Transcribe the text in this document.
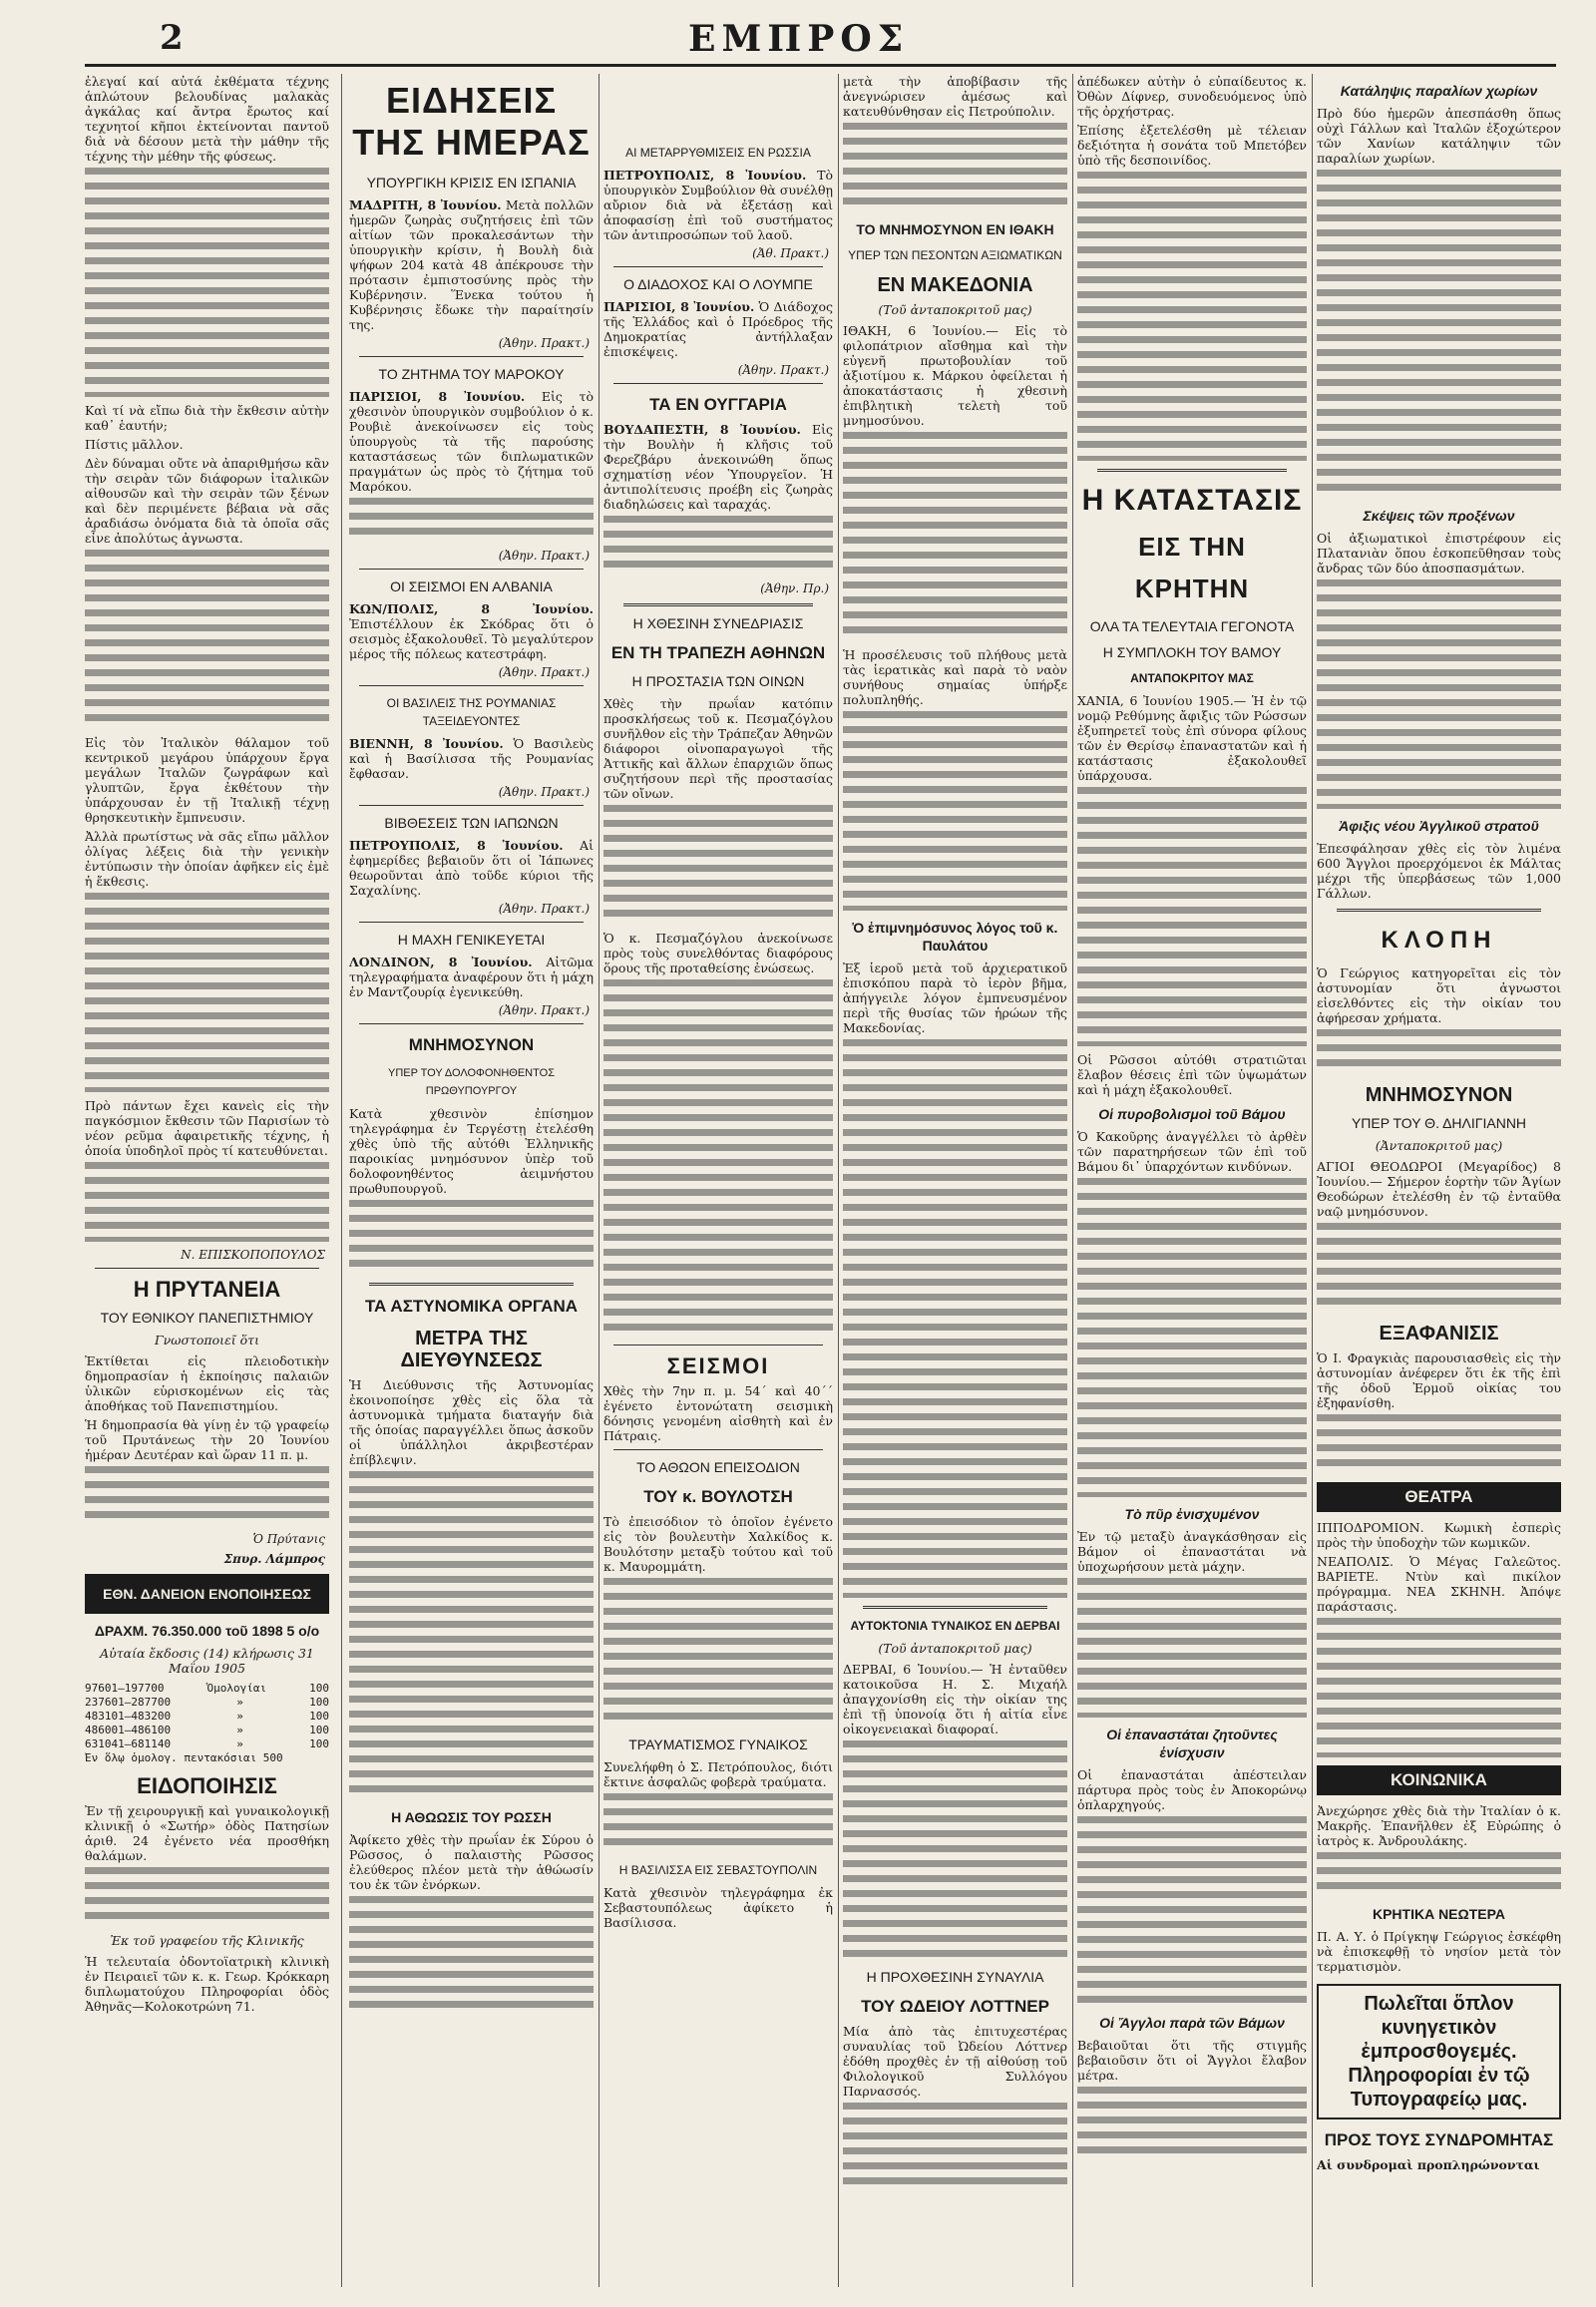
2	ΕΜΠΡΟΣ

ἐλεγαί καί αὐτά ἐκθέματα τέχνης ἁπλώτουν βελουδίνας μαλακὰς ἀγκάλας καί ἄντρα ἔρωτος καί τεχνητοί κῆποι ἐκτείνονται παντοῦ διὰ νὰ δέσουν μετὰ τὴν μάθην τῆς τέχνης τὴν μέθην τῆς φύσεως.

Καὶ τί νὰ εἴπω διὰ τὴν ἔκθεσιν αὐτὴν καθ᾽ ἑαυτήν;

Πίστις μᾶλλον.

Δὲν δύναμαι οὔτε νὰ ἀπαριθμήσω κἂν τὴν σειρὰν τῶν διάφορων ἰταλικῶν αἰθουσῶν καὶ τὴν σειρὰν τῶν ξένων καὶ δὲν περιμένετε βέβαια νὰ σᾶς ἀραδιάσω ὀνόματα διὰ τὰ ὁποῖα σᾶς εἶνε ἀπολύτως ἀγνωστα.

Εἰς τὸν Ἰταλικὸν θάλαμον τοῦ κεντρικοῦ μεγάρου ὑπάρχουν ἔργα μεγάλων Ἰταλῶν ζωγράφων καὶ γλυπτῶν, ἔργα ἐκθέτουν τὴν ὑπάρχουσαν ἐν τῇ Ἰταλικῇ τέχνῃ θρησκευτικὴν ἔμπνευσιν.

Ἀλλὰ πρωτίστως νὰ σᾶς εἴπω μᾶλλον ὀλίγας λέξεις διὰ τὴν γενικὴν ἐντύπωσιν τὴν ὁποίαν ἀφῆκεν εἰς ἐμὲ ἡ ἔκθεσις.

Πρὸ πάντων ἔχει κανεὶς εἰς τὴν παγκόσμιον ἔκθεσιν τῶν Παρισίων τὸ νέον ρεῦμα ἀφαιρετικῆς τέχνης, ἡ ὁποία ὑποδηλοῖ πρὸς τί κατευθύνεται.

Ν. ΕΠΙΣΚΟΠΟΠΟΥΛΟΣ
Η ΠΡΥΤΑΝΕΙΑ
ΤΟΥ ΕΘΝΙΚΟΥ ΠΑΝΕΠΙΣΤΗΜΙΟΥ
Γνωστοποιεῖ ὅτι

Ἐκτίθεται εἰς πλειοδοτικὴν δημοπρασίαν ἡ ἐκποίησις παλαιῶν ὑλικῶν εὑρισκομένων εἰς τὰς ἀποθήκας τοῦ Πανεπιστημίου.

Ἡ δημοπρασία θὰ γίνῃ ἐν τῷ γραφείῳ τοῦ Πρυτάνεως τὴν 20 Ἰουνίου ἡμέραν Δευτέραν καὶ ὥραν 11 π. μ.

Ὁ Πρύτανις
Σπυρ. Λάμπρος
ΕΘΝ. ΔΑΝΕΙΟΝ ΕΝΟΠΟΙΗΣΕΩΣ
ΔΡΑΧΜ. 76.350.000 τοῦ 1898 5 ο/ο
Αὐταία ἔκδοσις (14) κλήρωσις 31 Μαΐου 1905
97601—197700	Ὁμολογίαι	100
237601—287700	»	100
483101—483200	»	100
486001—486100	»	100
631041—681140	»	100
Ἐν ὅλῳ ὁμολογ. πεντακόσιαι 500
ΕΙΔΟΠΟΙΗΣΙΣ

Ἐν τῇ χειρουργικῇ καὶ γυναικολογικῇ κλινικῇ ὁ «Σωτήρ» ὁδὸς Πατησίων ἀριθ. 24 ἐγένετο νέα προσθήκη θαλάμων.

Ἐκ τοῦ γραφείου τῆς Κλινικῆς

Ἡ τελευταία ὀδοντοϊατρικὴ κλινικὴ ἐν Πειραιεῖ τῶν κ. κ. Γεωρ. Κρόκκαρη διπλωματούχου Πληροφορίαι ὁδὸς Ἀθηνᾶς—Κολοκοτρώνη 71.

ΕΙΔΗΣΕΙΣ ΤΗΣ ΗΜΕΡΑΣ
ΥΠΟΥΡΓΙΚΗ ΚΡΙΣΙΣ ΕΝ ΙΣΠΑΝΙΑ

ΜΑΔΡΙΤΗ, 8 Ἰουνίου. Μετὰ πολλῶν ἡμερῶν ζωηρὰς συζητήσεις ἐπὶ τῶν αἰτίων τῶν προκαλεσάντων τὴν ὑπουργικὴν κρίσιν, ἡ Βουλὴ διὰ ψήφων 204 κατὰ 48 ἀπέκρουσε τὴν πρότασιν ἐμπιστοσύνης πρὸς τὴν Κυβέρνησιν. Ἕνεκα τούτου ἡ Κυβέρνησις ἔδωκε τὴν παραίτησίν της.

(Ἀθην. Πρακτ.)
ΤΟ ΖΗΤΗΜΑ ΤΟΥ ΜΑΡΟΚΟΥ

ΠΑΡΙΣΙΟΙ, 8 Ἰουνίου. Εἰς τὸ χθεσινὸν ὑπουργικὸν συμβούλιον ὁ κ. Ρουβιὲ ἀνεκοίνωσεν εἰς τοὺς ὑπουργοὺς τὰ τῆς παρούσης καταστάσεως τῶν διπλωματικῶν πραγμάτων ὡς πρὸς τὸ ζήτημα τοῦ Μαρόκου.

(Ἀθην. Πρακτ.)
ΟΙ ΣΕΙΣΜΟΙ ΕΝ ΑΛΒΑΝΙΑ

ΚΩΝ/ΠΟΛΙΣ, 8 Ἰουνίου. Ἐπιστέλλουν ἐκ Σκόδρας ὅτι ὁ σεισμὸς ἐξακολουθεῖ. Τὸ μεγαλύτερον μέρος τῆς πόλεως κατεστράφη.

(Ἀθην. Πρακτ.)
ΟΙ ΒΑΣΙΛΕΙΣ ΤΗΣ ΡΟΥΜΑΝΙΑΣ ΤΑΞΕΙΔΕΥΟΝΤΕΣ

ΒΙΕΝΝΗ, 8 Ἰουνίου. Ὁ Βασιλεὺς καὶ ἡ Βασίλισσα τῆς Ρουμανίας ἔφθασαν.

(Ἀθην. Πρακτ.)
ΒΙΒΘΕΣΕΙΣ ΤΩΝ ΙΑΠΩΝΩΝ

ΠΕΤΡΟΥΠΟΛΙΣ, 8 Ἰουνίου. Αἱ ἐφημερίδες βεβαιοῦν ὅτι οἱ Ἰάπωνες θεωροῦνται ἀπὸ τοῦδε κύριοι τῆς Σαχαλίνης.

(Ἀθην. Πρακτ.)
Η ΜΑΧΗ ΓΕΝΙΚΕΥΕΤΑΙ

ΛΟΝΔΙΝΟΝ, 8 Ἰουνίου. Αἰτῶμα τηλεγραφήματα ἀναφέρουν ὅτι ἡ μάχη ἐν Μαντζουρίᾳ ἐγενικεύθη.

(Ἀθην. Πρακτ.)
ΜΝΗΜΟΣΥΝΟΝ
ΥΠΕΡ ΤΟΥ ΔΟΛΟΦΟΝΗΘΕΝΤΟΣ ΠΡΩΘΥΠΟΥΡΓΟΥ

Κατὰ χθεσινὸν ἐπίσημον τηλεγράφημα ἐν Τεργέστῃ ἐτελέσθη χθὲς ὑπὸ τῆς αὐτόθι Ἑλληνικῆς παροικίας μνημόσυνον ὑπὲρ τοῦ δολοφονηθέντος ἀειμνήστου πρωθυπουργοῦ.

ΤΑ ΑΣΤΥΝΟΜΙΚΑ ΟΡΓΑΝΑ
ΜΕΤΡΑ ΤΗΣ ΔΙΕΥΘΥΝΣΕΩΣ

Ἡ Διεύθυνσις τῆς Ἀστυνομίας ἐκοινοποίησε χθὲς εἰς ὅλα τὰ ἀστυνομικὰ τμήματα διαταγήν διὰ τῆς ὁποίας παραγγέλλει ὅπως ἀσκοῦν οἱ ὑπάλληλοι ἀκριβεστέραν ἐπίβλεψιν.

Η ΑΘΩΩΣΙΣ ΤΟΥ ΡΩΣΣΗ

Ἀφίκετο χθὲς τὴν πρωΐαν ἐκ Σύρου ὁ Ρῶσσος, ὁ παλαιστὴς Ρῶσσος ἐλεύθερος πλέον μετὰ τὴν ἀθώωσίν του ἐκ τῶν ἐνόρκων.

ΑΙ ΜΕΤΑΡΡΥΘΜΙΣΕΙΣ ΕΝ ΡΩΣΣΙΑ

ΠΕΤΡΟΥΠΟΛΙΣ, 8 Ἰουνίου. Τὸ ὑπουργικὸν Συμβούλιον θὰ συνέλθῃ αὔριον διὰ νὰ ἐξετάσῃ καὶ ἀποφασίσῃ ἐπὶ τοῦ συστήματος τῶν ἀντιπροσώπων τοῦ λαοῦ.

(Ἀθ. Πρακτ.)
Ο ΔΙΑΔΟΧΟΣ ΚΑΙ Ο ΛΟΥΜΠΕ

ΠΑΡΙΣΙΟΙ, 8 Ἰουνίου. Ὁ Διάδοχος τῆς Ἑλλάδος καὶ ὁ Πρόεδρος τῆς Δημοκρατίας ἀντήλλαξαν ἐπισκέψεις.

(Ἀθην. Πρακτ.)
ΤΑ ΕΝ ΟΥΓΓΑΡΙΑ

ΒΟΥΔΑΠΕΣΤΗ, 8 Ἰουνίου. Εἰς τὴν Βουλὴν ἡ κλῆσις τοῦ Φερεζβάρυ ἀνεκοινώθη ὅπως σχηματίσῃ νέον Ὑπουργεῖον. Ἡ ἀντιπολίτευσις προέβη εἰς ζωηρὰς διαδηλώσεις καὶ ταραχάς.

(Ἀθην. Πρ.)
Η ΧΘΕΣΙΝΗ ΣΥΝΕΔΡΙΑΣΙΣ
ΕΝ ΤΗ ΤΡΑΠΕΖΗ ΑΘΗΝΩΝ
Η ΠΡΟΣΤΑΣΙΑ ΤΩΝ ΟΙΝΩΝ

Χθὲς τὴν πρωΐαν κατόπιν προσκλήσεως τοῦ κ. Πεσμαζόγλου συνῆλθον εἰς τὴν Τράπεζαν Ἀθηνῶν διάφοροι οἰνοπαραγωγοὶ τῆς Ἀττικῆς καὶ ἄλλων ἐπαρχιῶν ὅπως συζητήσουν περὶ τῆς προστασίας τῶν οἴνων.

Ὁ κ. Πεσμαζόγλου ἀνεκοίνωσε πρὸς τοὺς συνελθόντας διαφόρους ὅρους τῆς προταθείσης ἐνώσεως.

ΣΕΙΣΜΟΙ

Χθὲς τὴν 7ην π. μ. 54΄ καὶ 40΄΄ ἐγένετο ἐντονώτατη σεισμικὴ δόνησις γενομένη αἰσθητὴ καὶ ἐν Πάτραις.

ΤΟ ΑΘΩΟΝ ΕΠΕΙΣΟΔΙΟΝ
ΤΟΥ κ. ΒΟΥΛΟΤΣΗ

Τὸ ἐπεισόδιον τὸ ὁποῖον ἐγένετο εἰς τὸν βουλευτὴν Χαλκίδος κ. Βουλότσην μεταξὺ τούτου καὶ τοῦ κ. Μαυρομμάτη.

ΤΡΑΥΜΑΤΙΣΜΟΣ ΓΥΝΑΙΚΟΣ

Συνελήφθη ὁ Σ. Πετρόπουλος, διότι ἔκτινε ἀσφαλῶς φοβερὰ τραύματα.

Η ΒΑΣΙΛΙΣΣΑ ΕΙΣ ΣΕΒΑΣΤΟΥΠΟΛΙΝ

Κατὰ χθεσινὸν τηλεγράφημα ἐκ Σεβαστουπόλεως ἀφίκετο ἡ Βασίλισσα.

μετὰ τὴν ἀποβίβασιν τῆς ἀνεγνώρισεν ἀμέσως καὶ κατευθύνθησαν εἰς Πετρούπολιν.

ΤΟ ΜΝΗΜΟΣΥΝΟΝ ΕΝ ΙΘΑΚΗ
ΥΠΕΡ ΤΩΝ ΠΕΣΟΝΤΩΝ ΑΞΙΩΜΑΤΙΚΩΝ
ΕΝ ΜΑΚΕΔΟΝΙΑ
(Τοῦ ἀνταποκριτοῦ μας)

ΙΘΑΚΗ, 6 Ἰουνίου.— Εἰς τὸ φιλοπάτριον αἴσθημα καὶ τὴν εὐγενῆ πρωτοβουλίαν τοῦ ἀξιοτίμου κ. Μάρκου ὀφείλεται ἡ ἀποκατάστασις ἡ χθεσινὴ ἐπιβλητικὴ τελετὴ τοῦ μνημοσύνου.

Ἡ προσέλευσις τοῦ πλήθους μετὰ τὰς ἱερατικὰς καὶ παρὰ τὸ ναὸν συνήθους σημαίας ὑπήρξε πολυπληθής.

Ὁ ἐπιμνημόσυνος λόγος τοῦ κ. Παυλάτου

Ἐξ ἱεροῦ μετὰ τοῦ ἀρχιερατικοῦ ἐπισκόπου παρὰ τὸ ἱερὸν βῆμα, ἀπήγγειλε λόγον ἐμπνευσμένον περὶ τῆς θυσίας τῶν ἡρώων τῆς Μακεδονίας.

ΑΥΤΟΚΤΟΝΙΑ ΤΥΝΑΙΚΟΣ ΕΝ ΔΕΡΒΑΙ
(Τοῦ ἀνταποκριτοῦ μας)

ΔΕΡΒΑΙ, 6 Ἰουνίου.— Ἡ ἐνταῦθεν κατοικοῦσα Η. Σ. Μιχαήλ ἀπαγχονίσθη εἰς τὴν οἰκίαν της ἐπὶ τῇ ὑπονοίᾳ ὅτι ἡ αἰτία εἶνε οἰκογενειακαὶ διαφοραί.

Η ΠΡΟΧΘΕΣΙΝΗ ΣΥΝΑΥΛΙΑ
ΤΟΥ ΩΔΕΙΟΥ ΛΟΤΤΝΕΡ

Μία ἀπὸ τὰς ἐπιτυχεστέρας συναυλίας τοῦ Ὠδείου Λόττνερ ἐδόθη προχθὲς ἐν τῇ αἰθούσῃ τοῦ Φιλολογικοῦ Συλλόγου Παρνασσός.

ἀπέδωκεν αὐτὴν ὁ εὐπαίδευτος κ. Ὀθὼν Δίφνερ, συνοδευόμενος ὑπὸ τῆς ὀρχήστρας.

Ἐπίσης ἐξετελέσθη μὲ τέλειαν δεξιότητα ἡ σονάτα τοῦ Μπετόβεν ὑπὸ τῆς δεσποινίδος.

Η ΚΑΤΑΣΤΑΣΙΣ
ΕΙΣ ΤΗΝ ΚΡΗΤΗΝ
ΟΛΑ ΤΑ ΤΕΛΕΥΤΑΙΑ ΓΕΓΟΝΟΤΑ
Η ΣΥΜΠΛΟΚΗ ΤΟΥ ΒΑΜΟΥ
ΑΝΤΑΠΟΚΡΙΤΟΥ ΜΑΣ

ΧΑΝΙΑ, 6 Ἰουνίου 1905.— Ἡ ἐν τῷ νομῷ Ρεθύμνης ἄφιξις τῶν Ρώσσων ἐξυπηρετεῖ τοὺς ἐπὶ σύνορα φίλους τῶν ἐν Θερίσῳ ἐπαναστατῶν καὶ ἡ κατάστασις ἐξακολουθεῖ ὑπάρχουσα.

Οἱ Ρῶσσοι αὐτόθι στρατιῶται ἔλαβον θέσεις ἐπὶ τῶν ὑψωμάτων καὶ ἡ μάχη ἐξακολουθεῖ.

Οἱ πυροβολισμοὶ τοῦ Βάμου

Ὁ Κακοῦρης ἀναγγέλλει τὸ ἀρθὲν τῶν παρατηρήσεων τῶν ἐπὶ τοῦ Βάμου δι᾽ ὑπαρχόντων κινδύνων.

Τὸ πῦρ ἐνισχυμένον

Ἐν τῷ μεταξὺ ἀναγκάσθησαν εἰς Βάμον οἱ ἐπαναστάται νὰ ὑποχωρήσουν μετὰ μάχην.

Οἱ ἐπαναστάται ζητοῦντες ἐνίσχυσιν

Οἱ ἐπαναστάται ἀπέστειλαν πάρτυρα πρὸς τοὺς ἐν Ἀποκορώνῳ ὁπλαρχηγούς.

Οἱ Ἄγγλοι παρὰ τῶν Βάμων

Βεβαιοῦται ὅτι τῆς στιγμῆς βεβαιοῦσιν ὅτι οἱ Ἄγγλοι ἔλαβον μέτρα.

Κατάληψις παραλίων χωρίων

Πρὸ δύο ἡμερῶν ἀπεσπάσθη ὅπως οὐχὶ Γάλλων καὶ Ἰταλῶν ἐξοχώτερον τῶν Χανίων κατάληψιν τῶν παραλίων χωρίων.

Σκέψεις τῶν προξένων

Οἱ ἀξιωματικοὶ ἐπιστρέφουν εἰς Πλατανιὰν ὅπου ἐσκοπεῦθησαν τοὺς ἄνδρας τῶν δύο ἀποσπασμάτων.

Ἀφιξις νέου Ἀγγλικοῦ στρατοῦ

Ἐπεσφάλησαν χθὲς εἰς τὸν λιμένα 600 Ἄγγλοι προερχόμενοι ἐκ Μάλτας μέχρι τῆς ὑπερβάσεως τῶν 1,000 Γάλλων.

ΚΛΟΠΗ

Ὁ Γεώργιος κατηγορεῖται εἰς τὸν ἀστυνομίαν ὅτι ἀγνωστοι εἰσελθόντες εἰς τὴν οἰκίαν του ἀφήρεσαν χρήματα.

ΜΝΗΜΟΣΥΝΟΝ
ΥΠΕΡ ΤΟΥ Θ. ΔΗΛΙΓΙΑΝΝΗ
(Ἀνταποκριτοῦ μας)

ΑΓΙΟΙ ΘΕΟΔΩΡΟΙ (Μεγαρίδος) 8 Ἰουνίου.— Σήμερον ἑορτὴν τῶν Ἁγίων Θεοδώρων ἐτελέσθη ἐν τῷ ἐνταῦθα ναῷ μνημόσυνον.

ΕΞΑΦΑΝΙΣΙΣ

Ὁ Ι. Φραγκιὰς παρουσιασθεὶς εἰς τὴν ἀστυνομίαν ἀνέφερεν ὅτι ἐκ τῆς ἐπὶ τῆς ὁδοῦ Ἐρμοῦ οἰκίας του ἐξηφανίσθη.

ΘΕΑΤΡΑ

ΙΠΠΟΔΡΟΜΙΟΝ. Κωμικὴ ἐσπερὶς πρὸς τὴν ὑποδοχὴν τῶν κωμικῶν.

ΝΕΑΠΟΛΙΣ. Ὁ Μέγας Γαλεῶτος. ΒΑΡΙΕΤΕ. Ντὺν καὶ πικίλον πρόγραμμα. ΝΕΑ ΣΚΗΝΗ. Ἀπόψε παράστασις.

ΚΟΙΝΩΝΙΚΑ

Ἀνεχώρησε χθὲς διὰ τὴν Ἰταλίαν ὁ κ. Μακρῆς. Ἐπανῆλθεν ἐξ Εὐρώπης ὁ ἰατρὸς κ. Ἀνδρουλάκης.

ΚΡΗΤΙΚΑ ΝΕΩΤΕΡΑ

Π. Α. Υ. ὁ Πρίγκηψ Γεώργιος ἐσκέφθη νὰ ἐπισκεφθῇ τὸ νησίον μετὰ τὸν τερματισμὸν.

Πωλεῖται ὅπλον κυνηγετικὸν ἐμπροσθογεμές. Πληροφορίαι ἐν τῷ Τυπογραφείῳ μας.
ΠΡΟΣ ΤΟΥΣ ΣΥΝΔΡΟΜΗΤΑΣ

Αἱ συνδρομαὶ προπληρώνονται
